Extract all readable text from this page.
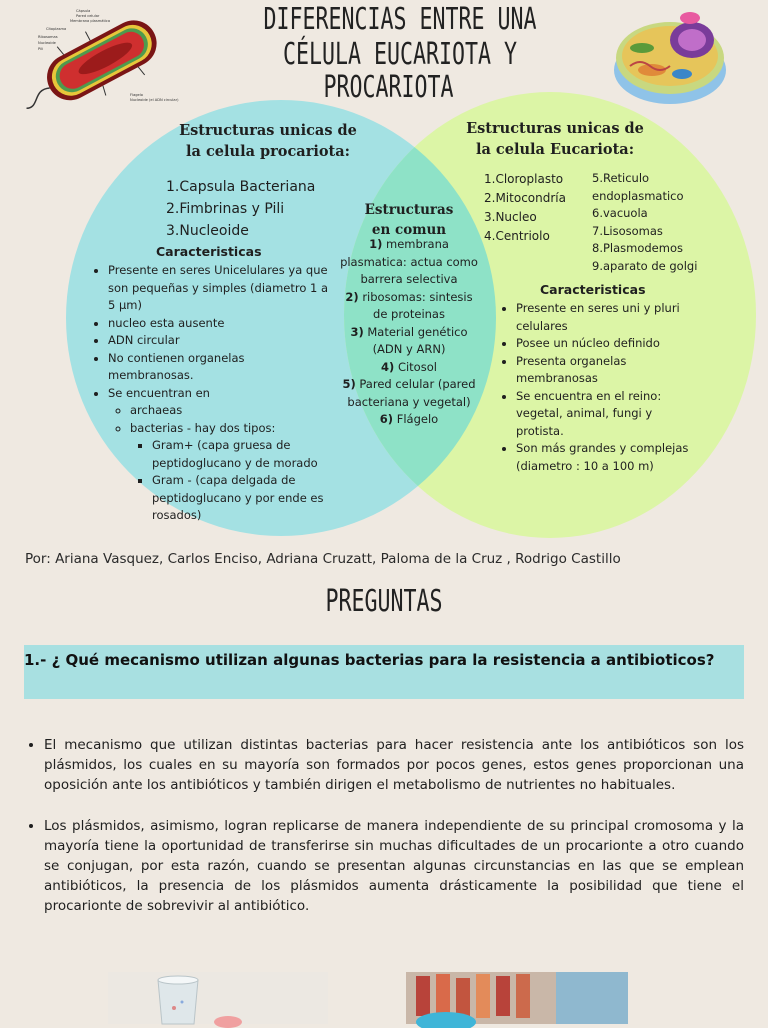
DIFERENCIAS ENTRE UNA CÉLULA EUCARIOTA Y
PROCARIOTA
Cápsula
Pared celular
Membrana plasmática
Citoplasma
Ribosomas
Nucleoide
Pili
Flagelo
Nucleoide (el ADN circular)
Estructuras unicas de la celula procariota:
1.Capsula Bacteriana
2.Fimbrinas y Pili
3.Nucleoide
Caracteristicas
• Presente en seres Unicelulares ya que son pequeñas y simples (diametro 1 a 5 µm)
• nucleo esta ausente
• ADN circular
• No contienen organelas membranosas.
• Se encuentran en
◦ archaeas
◦ bacterias - hay dos tipos:
▪ Gram+ (capa gruesa de peptidoglucano y de morado
▪ Gram - (capa delgada de peptidoglucano y por ende es rosados)
Estructuras en comun
1) membrana plasmatica: actua como barrera selectiva
2) ribosomas: sintesis de proteinas
3) Material genético (ADN y ARN)
4) Citosol
5) Pared celular (pared bacteriana y vegetal)
6) Flágelo
Estructuras unicas de la celula Eucariota:
1.Cloroplasto
2.Mitocondría
3.Nucleo
4.Centriolo
5.Reticulo endoplasmatico
6.vacuola
7.Lisosomas
8.Plasmodemos
9.aparato de golgi
Caracteristicas
• Presente en seres uni y pluri celulares
• Posee un núcleo definido
• Presenta organelas membranosas
• Se encuentra en el reino: vegetal, animal, fungi y protista.
• Son más grandes y complejas (diametro : 10 a 100 m)
Por: Ariana Vasquez, Carlos Enciso, Adriana Cruzatt, Paloma de la Cruz , Rodrigo Castillo
PREGUNTAS
1.- ¿ Qué mecanismo utilizan algunas bacterias para la resistencia a antibioticos?
• El mecanismo que utilizan distintas bacterias para hacer resistencia ante los antibióticos son los plásmidos, los cuales en su mayoría son formados por pocos genes, estos genes proporcionan una oposición ante los antibióticos y también dirigen el metabolismo de nutrientes no habituales.
• Los plásmidos, asimismo, logran replicarse de manera independiente de su principal cromosoma y la mayoría tiene la oportunidad de transferirse sin muchas dificultades de un procarionte a otro cuando se conjugan, por esta razón, cuando se presentan algunas circunstancias en las que se emplean antibióticos, la presencia de los plásmidos aumenta drásticamente la posibilidad que tiene el procarionte de sobrevivir al antibiótico.
